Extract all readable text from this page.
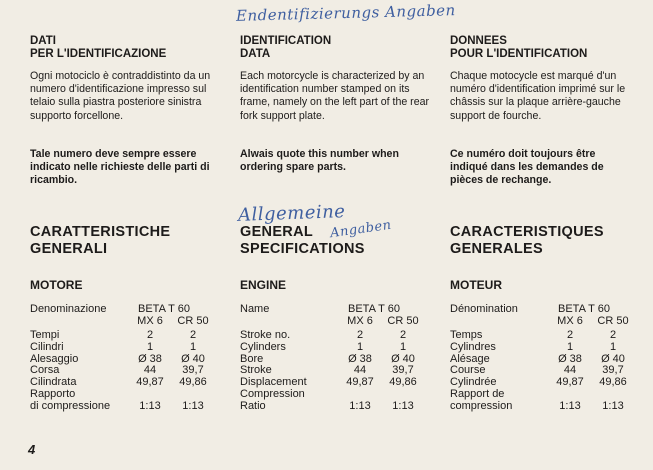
Endentifizierungs Angaben
Allgemeine
Angaben
DATI
PER L'IDENTIFICAZIONE
Ogni motociclo è contraddistinto da un numero d'identificazione impresso sul telaio sulla piastra posteriore sinistra supporto forcellone.
Tale numero deve sempre essere indicato nelle richieste delle parti di ricambio.
CARATTERISTICHE
GENERALI
MOTORE
Denominazione	BETA T 60
MX 6	CR 50
Tempi	2	2
Cilindri	1	1
Alesaggio	Ø 38	Ø 40
Corsa	44	39,7
Cilindrata	49,87	49,86
Rapporto
di compressione	1:13	1:13
IDENTIFICATION
DATA
Each motorcycle is characterized by an identification number stamped on its frame, namely on the left part of the rear fork support plate.
Alwais quote this number when ordering spare parts.
GENERAL
SPECIFICATIONS
ENGINE
Name	BETA T 60
MX 6	CR 50
Stroke no.	2	2
Cylinders	1	1
Bore	Ø 38	Ø 40
Stroke	44	39,7
Displacement	49,87	49,86
Compression
Ratio	1:13	1:13
DONNEES
POUR L'IDENTIFICATION
Chaque motocycle est marqué d'un numéro d'identification imprimé sur le châssis sur la plaque arrière-gauche support de fourche.
Ce numéro doit toujours être indiqué dans les demandes de pièces de rechange.
CARACTERISTIQUES
GENERALES
MOTEUR
Dénomination	BETA T 60
MX 6	CR 50
Temps	2	2
Cylindres	1	1
Alésage	Ø 38	Ø 40
Course	44	39,7
Cylindrée	49,87	49,86
Rapport de
compression	1:13	1:13
4
